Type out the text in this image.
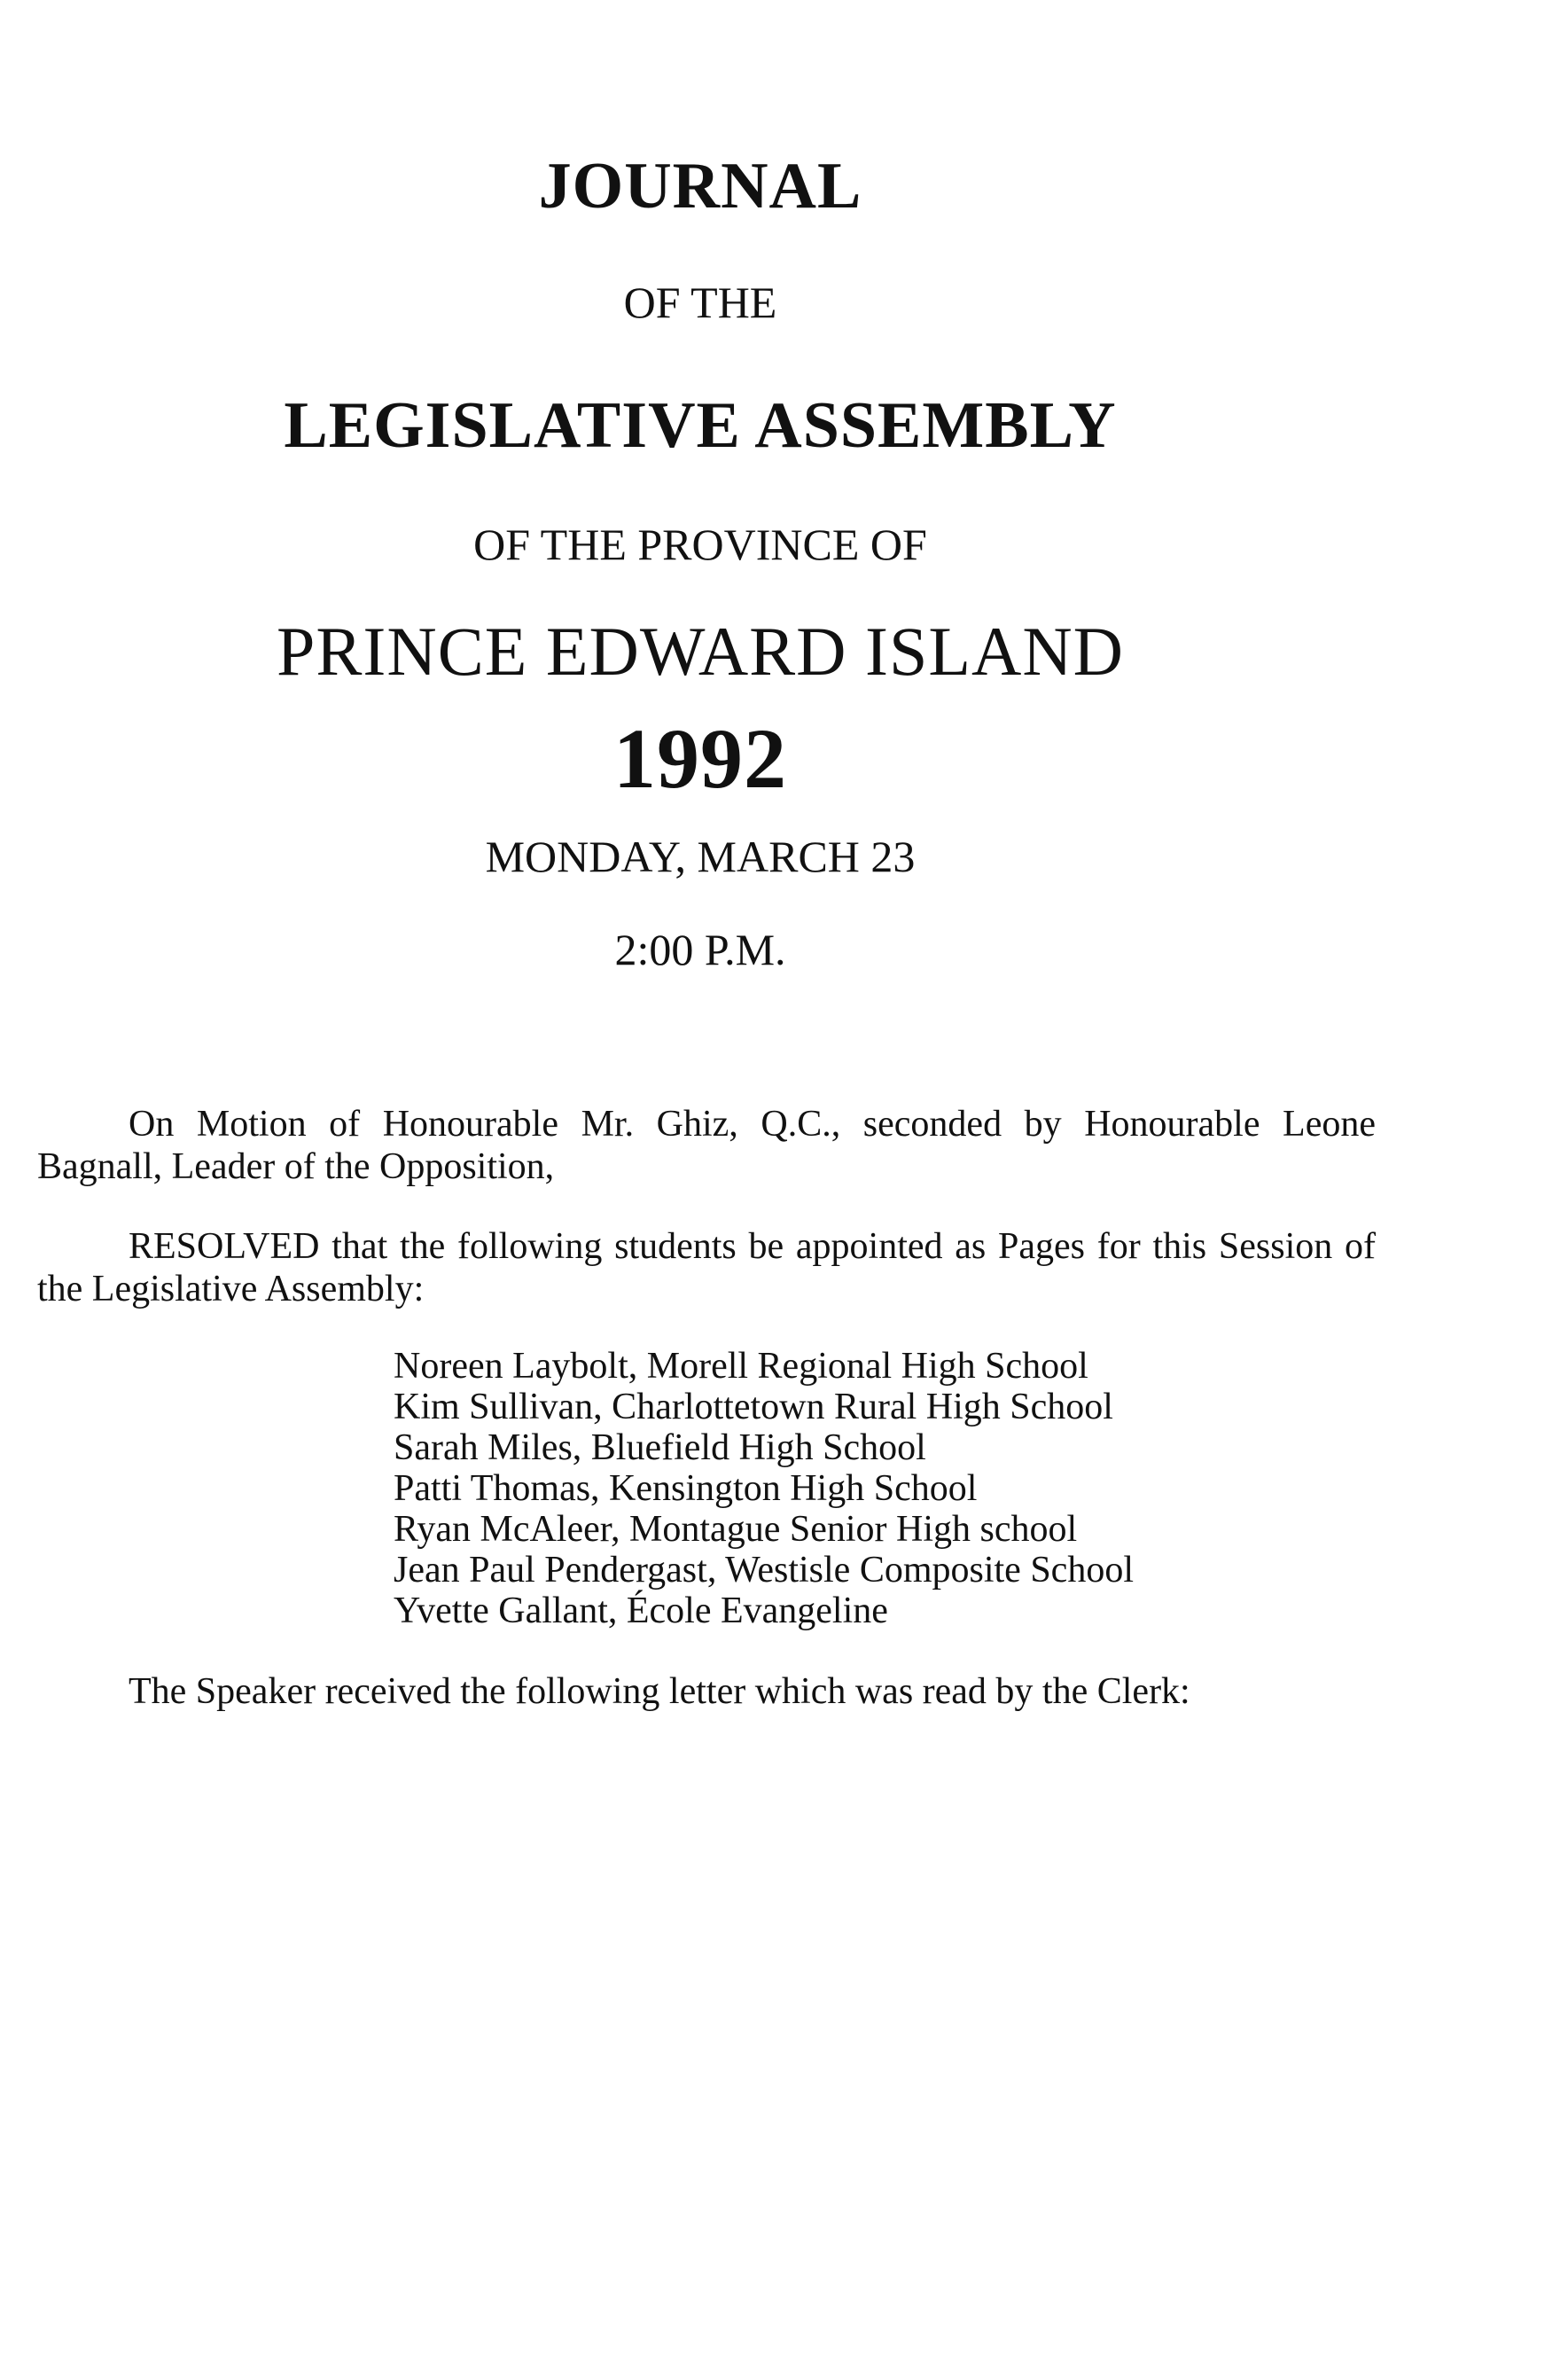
JOURNAL
OF THE
LEGISLATIVE ASSEMBLY
OF THE PROVINCE OF
PRINCE EDWARD ISLAND
1992
MONDAY, MARCH 23
2:00 P.M.
On Motion of Honourable Mr. Ghiz, Q.C., seconded by Honourable Leone Bagnall, Leader of the Opposition,
RESOLVED that the following students be appointed as Pages for this Session of the Legislative Assembly:
Noreen Laybolt, Morell Regional High School
Kim Sullivan, Charlottetown Rural High School
Sarah Miles, Bluefield High School
Patti Thomas, Kensington High School
Ryan McAleer, Montague Senior High school
Jean Paul Pendergast, Westisle Composite School
Yvette Gallant, École Evangeline
The Speaker received the following letter which was read by the Clerk:
